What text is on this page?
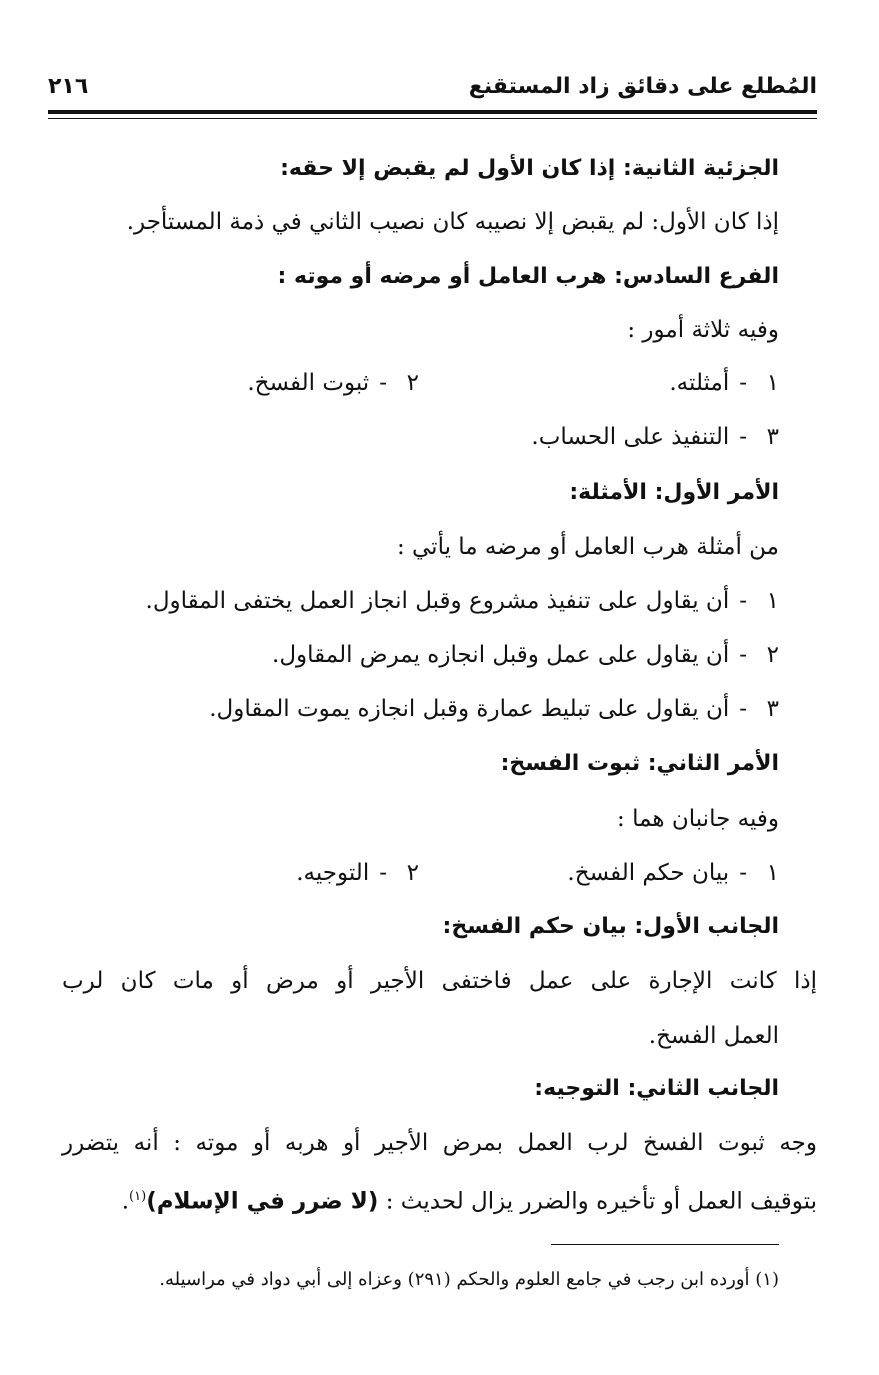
المُطلع على دقائق زاد المستقنع
٢١٦
الجزئية الثانية: إذا كان الأول لم يقبض إلا حقه:
إذا كان الأول: لم يقبض إلا نصيبه كان نصيب الثاني في ذمة المستأجر.
الفرع السادس: هرب العامل أو مرضه أو موته :
وفيه ثلاثة أمور :
١-أمثلته.
٢-ثبوت الفسخ.
٣-التنفيذ على الحساب.
الأمر الأول: الأمثلة:
من أمثلة هرب العامل أو مرضه ما يأتي :
١-أن يقاول على تنفيذ مشروع وقبل انجاز العمل يختفى المقاول.
٢-أن يقاول على عمل وقبل انجازه يمرض المقاول.
٣-أن يقاول على تبليط عمارة وقبل انجازه يموت المقاول.
الأمر الثاني: ثبوت الفسخ:
وفيه جانبان هما :
١-بيان حكم الفسخ.
٢-التوجيه.
الجانب الأول: بيان حكم الفسخ:
إذا كانت الإجارة على عمل فاختفى الأجير أو مرض أو مات كان لرب
العمل الفسخ.
الجانب الثاني: التوجيه:
وجه ثبوت الفسخ لرب العمل بمرض الأجير أو هربه أو موته : أنه يتضرر
بتوقيف العمل أو تأخيره والضرر يزال لحديث : (لا ضرر في الإسلام)$^{(١)}$.
(١) أورده ابن رجب في جامع العلوم والحكم (٢٩١) وعزاه إلى أبي دواد في مراسيله.
